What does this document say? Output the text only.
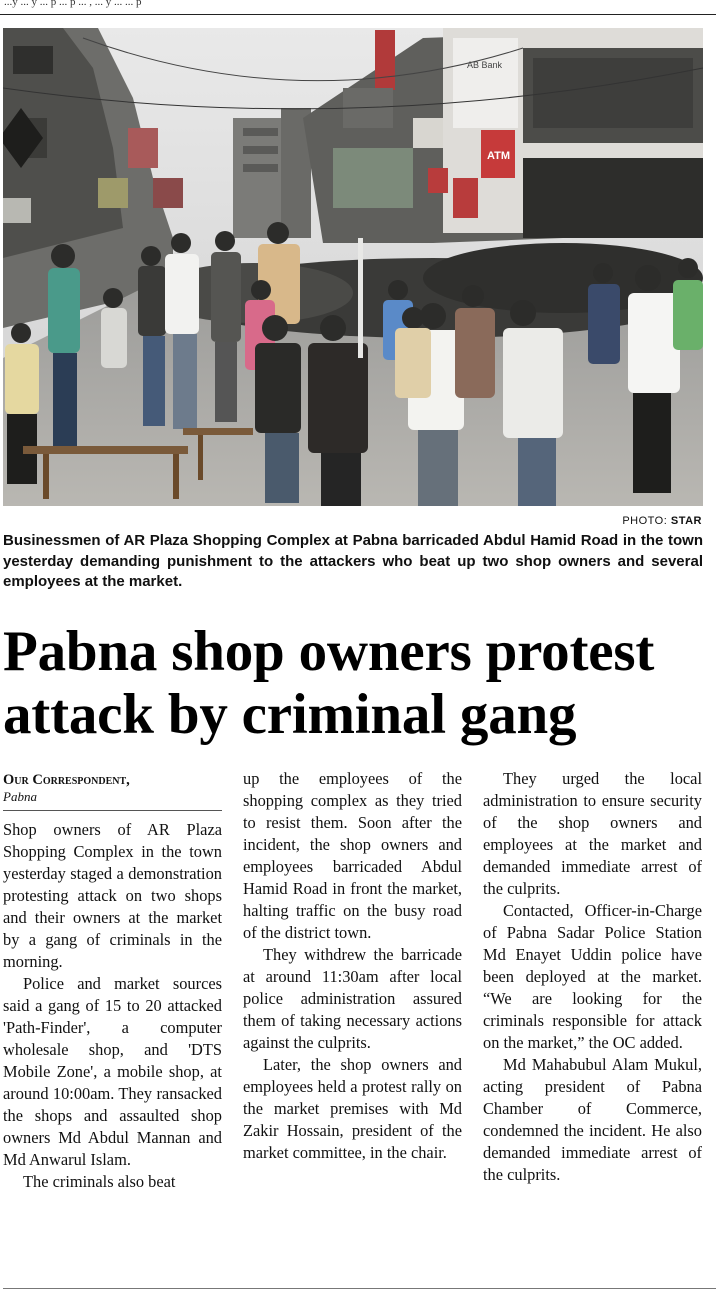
...y ... y ... p ... p ... , ... y ... ... p
ATM
AB Bank
PHOTO: STAR

Businessmen of AR Plaza Shopping Complex at Pabna barricaded Abdul Hamid Road in the town yesterday demanding punishment to the attackers who beat up two shop owners and several employees at the market.

Pabna shop owners protest
attack by criminal gang
Our Correspondent,
Pabna

Shop owners of AR Plaza Shopping Complex in the town yesterday staged a demonstration protesting attack on two shops and their owners at the market by a gang of criminals in the morning.

Police and market sources said a gang of 15 to 20 attacked 'Path-Finder', a computer wholesale shop, and 'DTS Mobile Zone', a mobile shop, at around 10:00am. They ransacked the shops and assaulted shop owners Md Abdul Mannan and Md Anwarul Islam.

The criminals also beat

up the employees of the shopping complex as they tried to resist them. Soon after the incident, the shop owners and employees barricaded Abdul Hamid Road in front the market, halting traffic on the busy road of the district town.

They withdrew the barricade at around 11:30am after local police administration assured them of taking necessary actions against the culprits.

Later, the shop owners and employees held a protest rally on the market premises with Md Zakir Hossain, president of the market committee, in the chair.

They urged the local administration to ensure security of the shop owners and employees at the market and demanded immediate arrest of the culprits.

Contacted, Officer-in-Charge of Pabna Sadar Police Station Md Enayet Uddin police have been deployed at the market. “We are looking for the criminals responsible for attack on the market,” the OC added.

Md Mahabubul Alam Mukul, acting president of Pabna Chamber of Commerce, condemned the incident. He also demanded immediate arrest of the culprits.
